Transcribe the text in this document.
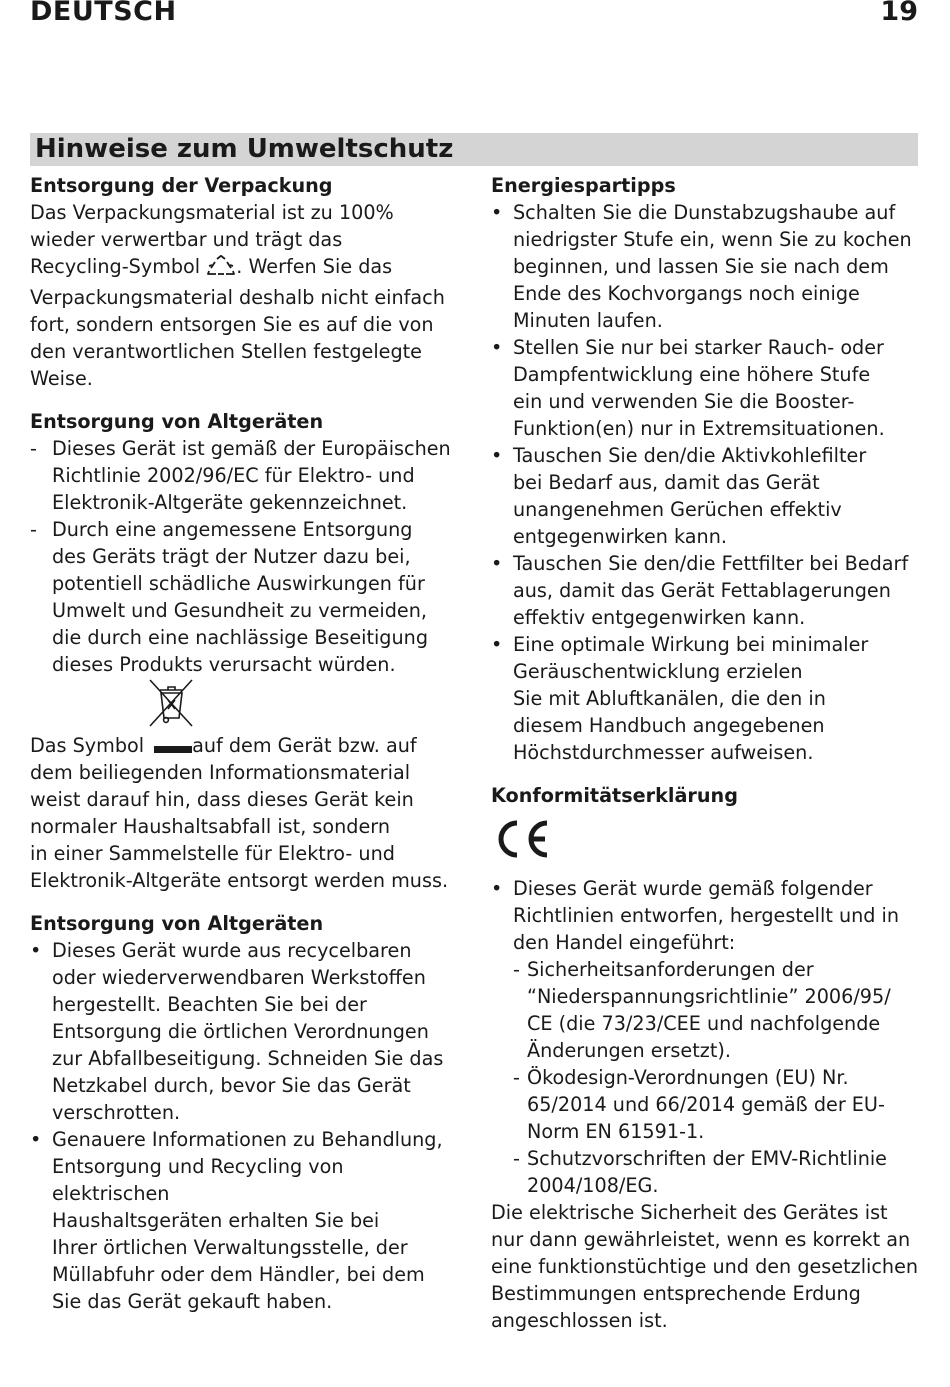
DEUTSCH	19
Hinweise zum Umweltschutz

Entsorgung der Verpackung

Das Verpackungsmaterial ist zu 100%

wieder verwertbar und trägt das

Recycling-Symbol . Werfen Sie das

Verpackungsmaterial deshalb nicht einfach

fort, sondern entsorgen Sie es auf die von

den verantwortlichen Stellen festgelegte

Weise.

Entsorgung von Altgeräten

- Dieses Gerät ist gemäß der Europäischen
Richtlinie 2002/96/EC für Elektro- und
Elektronik-Altgeräte gekennzeichnet.
- Durch eine angemessene Entsorgung
des Geräts trägt der Nutzer dazu bei,
potentiell schädliche Auswirkungen für
Umwelt und Gesundheit zu vermeiden,
die durch eine nachlässige Beseitigung
dieses Produkts verursacht würden.

Das Symbol	auf dem Gerät bzw. auf

dem beiliegenden Informationsmaterial

weist darauf hin, dass dieses Gerät kein

normaler Haushaltsabfall ist, sondern

in einer Sammelstelle für Elektro- und

Elektronik-Altgeräte entsorgt werden muss.

Entsorgung von Altgeräten

• Dieses Gerät wurde aus recycelbaren
oder wiederverwendbaren Werkstoffen
hergestellt. Beachten Sie bei der
Entsorgung die örtlichen Verordnungen
zur Abfallbeseitigung. Schneiden Sie das
Netzkabel durch, bevor Sie das Gerät
verschrotten.
• Genauere Informationen zu Behandlung,
Entsorgung und Recycling von elektrischen
Haushaltsgeräten erhalten Sie bei
Ihrer örtlichen Verwaltungsstelle, der
Müllabfuhr oder dem Händler, bei dem
Sie das Gerät gekauft haben.

Energiespartipps

• Schalten Sie die Dunstabzugshaube auf
niedrigster Stufe ein, wenn Sie zu kochen
beginnen, und lassen Sie sie nach dem
Ende des Kochvorgangs noch einige
Minuten laufen.
• Stellen Sie nur bei starker Rauch- oder
Dampfentwicklung eine höhere Stufe
ein und verwenden Sie die Booster-
Funktion(en) nur in Extremsituationen.
• Tauschen Sie den/die Aktivkohlefilter
bei Bedarf aus, damit das Gerät
unangenehmen Gerüchen effektiv
entgegenwirken kann.
• Tauschen Sie den/die Fettfilter bei Bedarf
aus, damit das Gerät Fettablagerungen
effektiv entgegenwirken kann.
• Eine optimale Wirkung bei minimaler
Geräuschentwicklung erzielen
Sie mit Abluftkanälen, die den in
diesem Handbuch angegebenen
Höchstdurchmesser aufweisen.

Konformitätserklärung

• Dieses Gerät wurde gemäß folgender
Richtlinien entworfen, hergestellt und in
den Handel eingeführt:
- Sicherheitsanforderungen der
“Niederspannungsrichtlinie” 2006/95/
CE (die 73/23/CEE und nachfolgende
Änderungen ersetzt).
- Ökodesign-Verordnungen (EU) Nr.
65/2014 und 66/2014 gemäß der EU-
Norm EN 61591-1.
- Schutzvorschriften der EMV-Richtlinie
2004/108/EG.

Die elektrische Sicherheit des Gerätes ist

nur dann gewährleistet, wenn es korrekt an

eine funktionstüchtige und den gesetzlichen

Bestimmungen entsprechende Erdung

angeschlossen ist.
